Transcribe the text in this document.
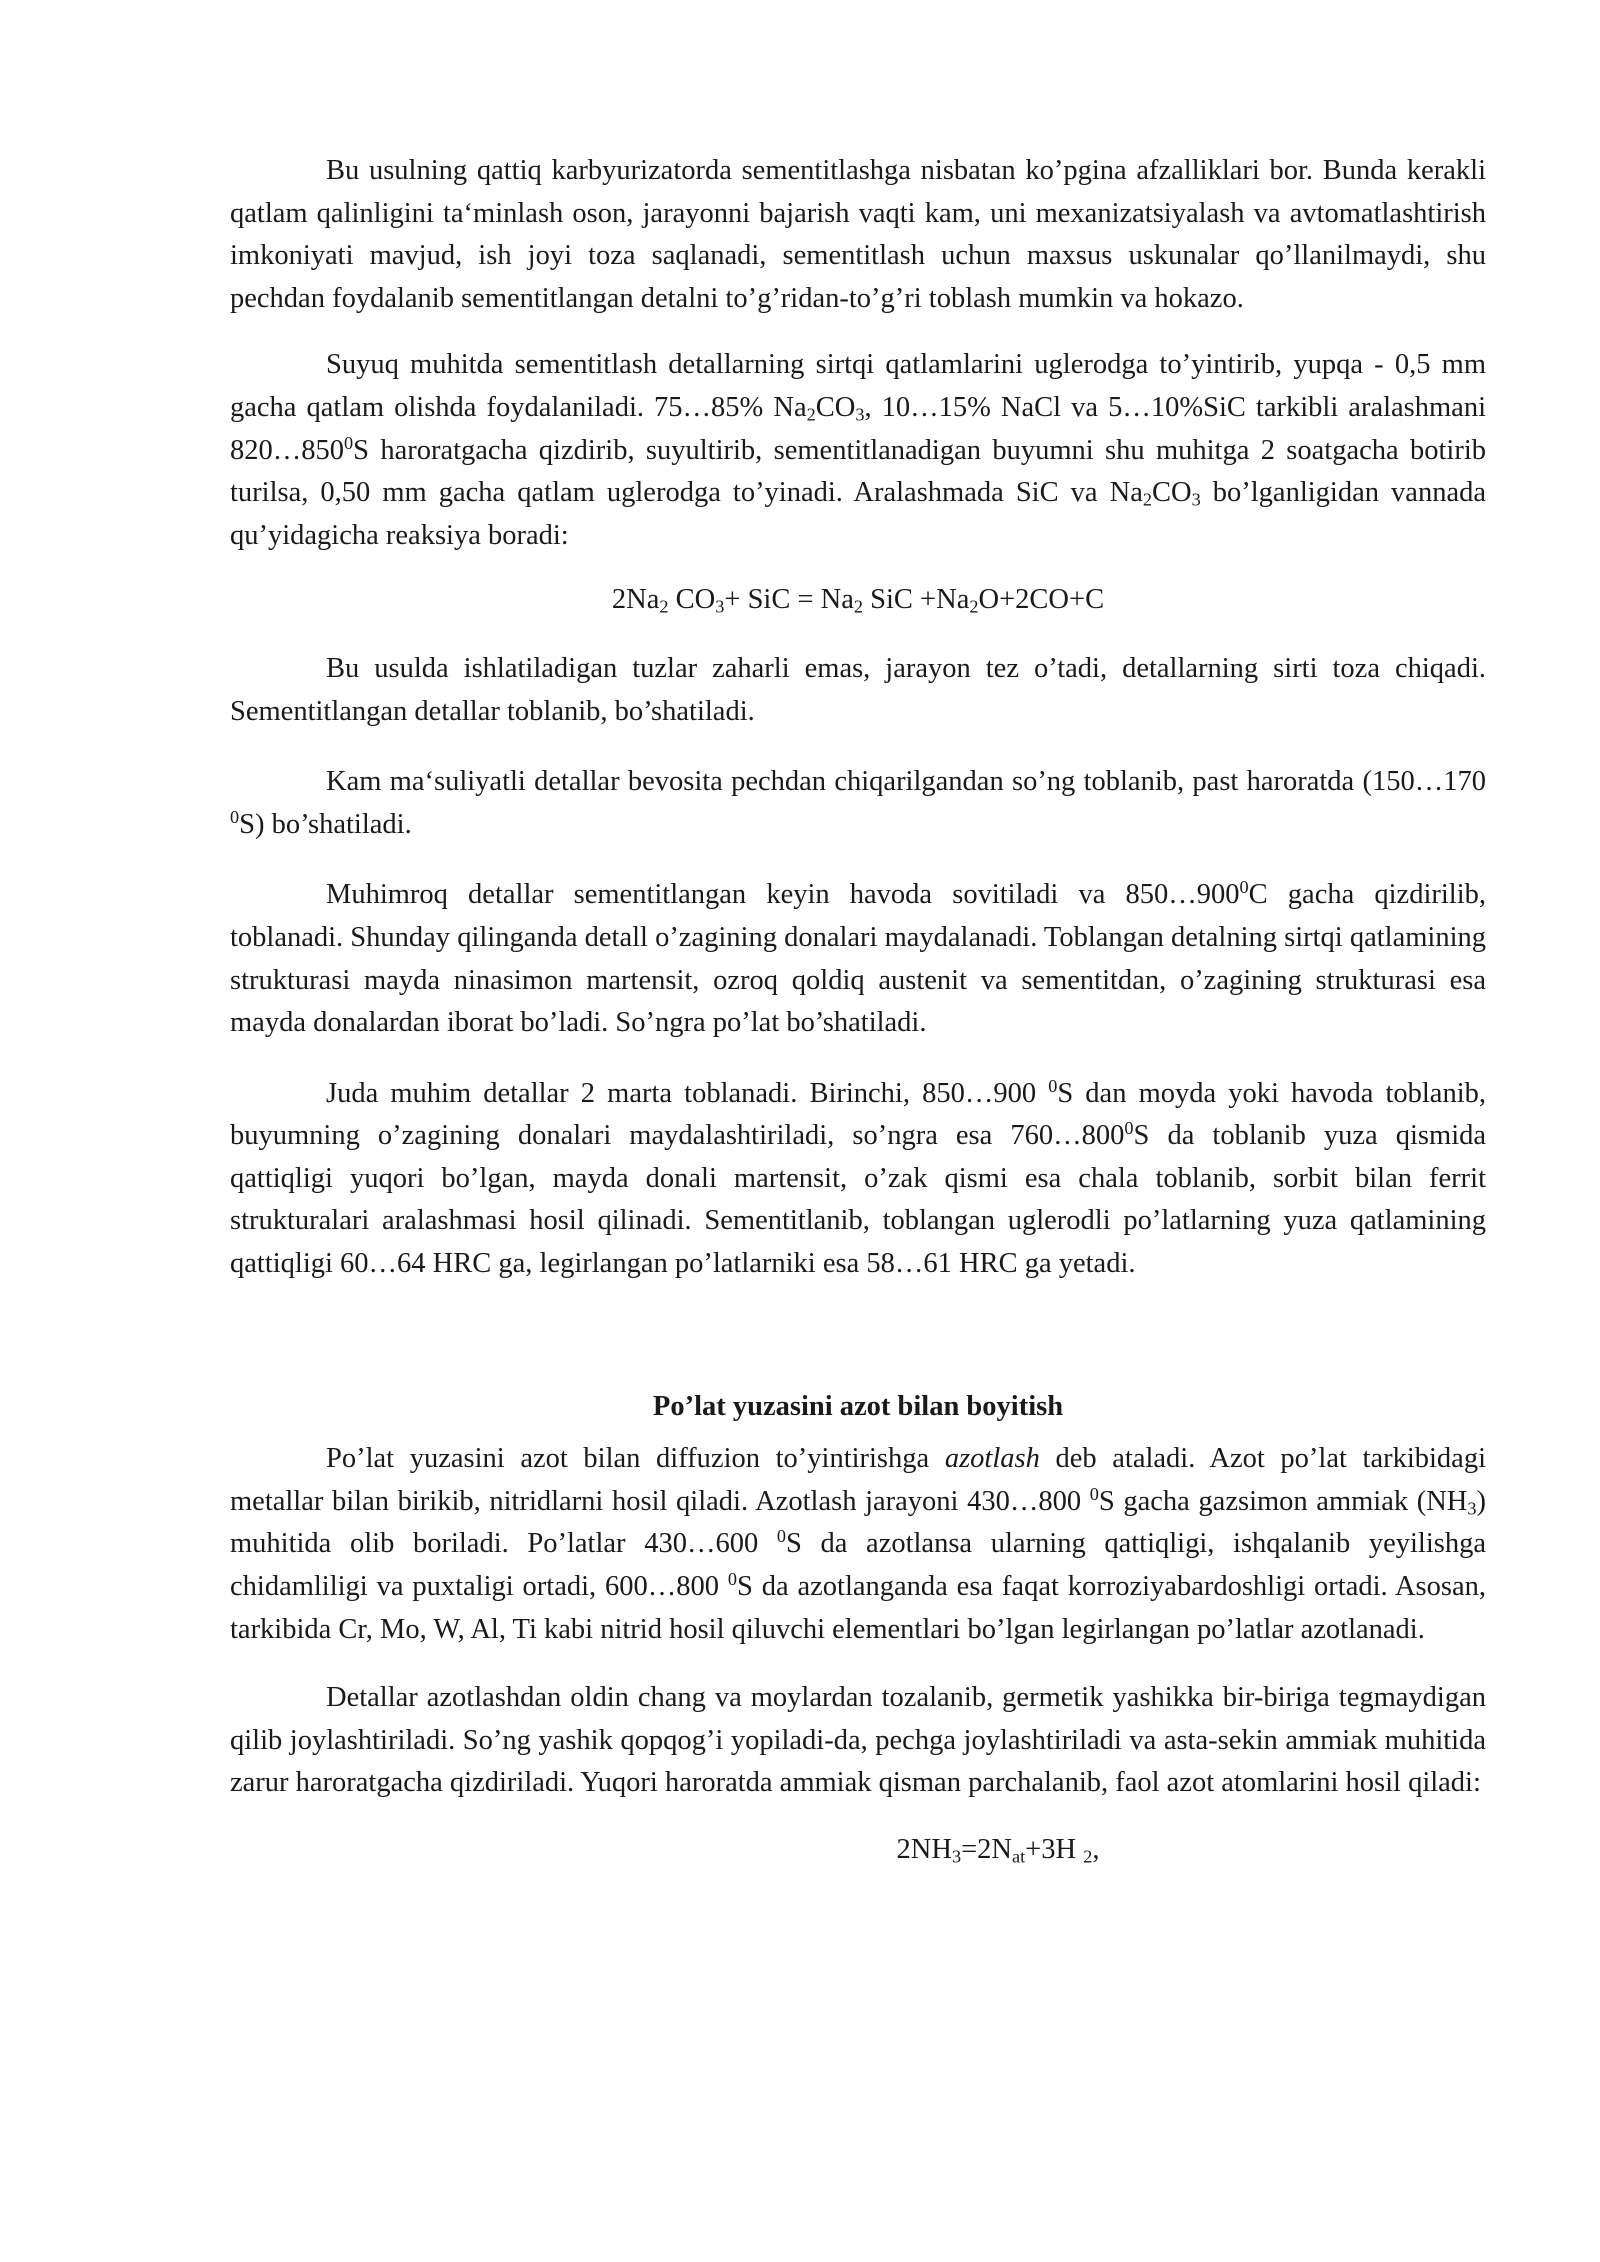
Bu usulning qattiq karbyurizatorda sementitlashga nisbatan ko’pgina afzalliklari bor. Bunda kerakli qatlam qalinligini ta‘minlash oson, jarayonni bajarish vaqti kam, uni mexanizatsiyalash va avtomatlashtirish imkoniyati mavjud, ish joyi toza saqlanadi, sementitlash uchun maxsus uskunalar qo’llanilmaydi, shu pechdan foydalanib sementitlangan detalni to’g’ridan-to’g’ri toblash mumkin va hokazo.

Suyuq muhitda sementitlash detallarning sirtqi qatlamlarini uglerodga to’yintirib, yupqa - 0,5 mm gacha qatlam olishda foydalaniladi. 75…85% $Na_2CO_3$, 10…15% NaCl va 5…10%SiC tarkibli aralashmani $820\dots 850^0S$ haroratgacha qizdirib, suyultirib, sementitlanadigan buyumni shu muhitga 2 soatgacha botirib turilsa, 0,50 mm gacha qatlam uglerodga to’yinadi. Aralashmada SiC va $Na_2CO_3$ bo’lganligidan vannada qu’yidagicha reaksiya boradi:

$2Na_2$ $CO_3+$ SiC = $Na_2$ SiC $+Na_2O+2CO+C$

Bu usulda ishlatiladigan tuzlar zaharli emas, jarayon tez o’tadi, detallarning sirti toza chiqadi. Sementitlangan detallar toblanib, bo’shatiladi.

Kam ma‘suliyatli detallar bevosita pechdan chiqarilgandan so’ng toblanib, past haroratda (150…170 $^0$S) bo’shatiladi.

Muhimroq detallar sementitlangan keyin havoda sovitiladi va $850\dots 900^0C$ gacha qizdirilib, toblanadi. Shunday qilinganda detall o’zagining donalari maydalanadi. Toblangan detalning sirtqi qatlamining strukturasi mayda ninasimon martensit, ozroq qoldiq austenit va sementitdan, o’zagining strukturasi esa mayda donalardan iborat bo’ladi. So’ngra po’lat bo’shatiladi.

Juda muhim detallar 2 marta toblanadi. Birinchi, 850…900 $^0$S dan moyda yoki havoda toblanib, buyumning o’zagining donalari maydalashtiriladi, so’ngra esa $760\dots 800^0S$ da toblanib yuza qismida qattiqligi yuqori bo’lgan, mayda donali martensit, o’zak qismi esa chala toblanib, sorbit bilan ferrit strukturalari aralashmasi hosil qilinadi. Sementitlanib, toblangan uglerodli po’latlarning yuza qatlamining qattiqligi 60…64 HRC ga, legirlangan po’latlarniki esa 58…61 HRC ga yetadi.

Po’lat yuzasini azot bilan boyitish

Po’lat yuzasini azot bilan diffuzion to’yintirishga azotlash deb ataladi. Azot po’lat tarkibidagi metallar bilan birikib, nitridlarni hosil qiladi. Azotlash jarayoni 430…800 $^0$S gacha gazsimon ammiak $(NH_3)$ muhitida olib boriladi. Po’latlar 430…600 $^0$S da azotlansa ularning qattiqligi, ishqalanib yeyilishga chidamliligi va puxtaligi ortadi, 600…800 $^0$S da azotlanganda esa faqat korroziyabardoshligi ortadi. Asosan, tarkibida Cr, Mo, W, Al, Ti kabi nitrid hosil qiluvchi elementlari bo’lgan legirlangan po’latlar azotlanadi.

Detallar azotlashdan oldin chang va moylardan tozalanib, germetik yashikka bir-biriga tegmaydigan qilib joylashtiriladi. So’ng yashik qopqog’i yopiladi-da, pechga joylashtiriladi va asta-sekin ammiak muhitida zarur haroratgacha qizdiriladi. Yuqori haroratda ammiak qisman parchalanib, faol azot atomlarini hosil qiladi:

$2NH_3=2N_{at}+3H$ $_2$,
